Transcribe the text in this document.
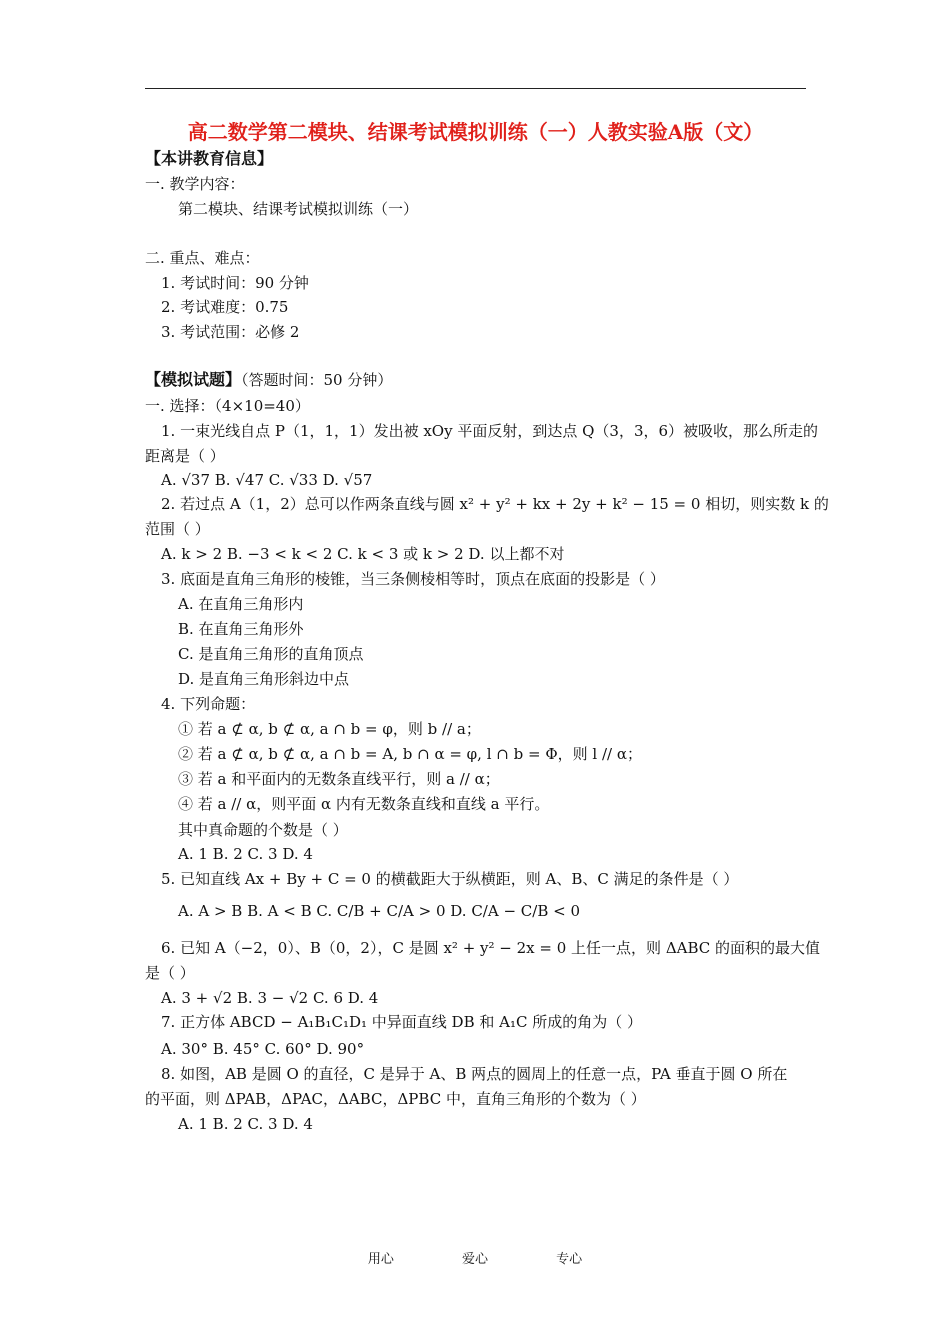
高二数学第二模块、结课考试模拟训练（一）人教实验A版（文）
【本讲教育信息】
一. 教学内容：
第二模块、结课考试模拟训练（一）
二. 重点、难点：
1. 考试时间：90 分钟
2. 考试难度：0.75
3. 考试范围：必修 2
【模拟试题】（答题时间：50 分钟）
一. 选择：（4×10=40）
1. 一束光线自点 P（1，1，1）发出被 xOy 平面反射，到达点 Q（3，3，6）被吸收，那么所走的
距离是（ ）
A. √37 B. √47 C. √33 D. √57
2. 若过点 A（1，2）总可以作两条直线与圆 x² + y² + kx + 2y + k² − 15 = 0 相切，则实数 k 的
范围（ ）
A. k > 2 B. −3 < k < 2 C. k < 3 或 k > 2 D. 以上都不对
3. 底面是直角三角形的棱锥，当三条侧棱相等时，顶点在底面的投影是（ ）
A. 在直角三角形内
B. 在直角三角形外
C. 是直角三角形的直角顶点
D. 是直角三角形斜边中点
4. 下列命题：
① 若 a ⊄ α, b ⊄ α, a ∩ b = φ，则 b // a；
② 若 a ⊄ α, b ⊄ α, a ∩ b = A, b ∩ α = φ, l ∩ b = Φ，则 l // α；
③ 若 a 和平面内的无数条直线平行，则 a // α；
④ 若 a // α，则平面 α 内有无数条直线和直线 a 平行。
其中真命题的个数是（ ）
A. 1 B. 2 C. 3 D. 4
5. 已知直线 Ax + By + C = 0 的横截距大于纵横距，则 A、B、C 满足的条件是（ ）
A. A > B B. A < B C. C/B + C/A > 0 D. C/A − C/B < 0
6. 已知 A（−2，0）、B（0，2），C 是圆 x² + y² − 2x = 0 上任一点，则 ΔABC 的面积的最大值
是（ ）
A. 3 + √2 B. 3 − √2 C. 6 D. 4
7. 正方体 ABCD − A₁B₁C₁D₁ 中异面直线 DB 和 A₁C 所成的角为（ ）
A. 30° B. 45° C. 60° D. 90°
8. 如图，AB 是圆 O 的直径，C 是异于 A、B 两点的圆周上的任意一点，PA 垂直于圆 O 所在
的平面，则 ΔPAB，ΔPAC，ΔABC，ΔPBC 中，直角三角形的个数为（ ）
A. 1 B. 2 C. 3 D. 4
用心	爱心	专心
